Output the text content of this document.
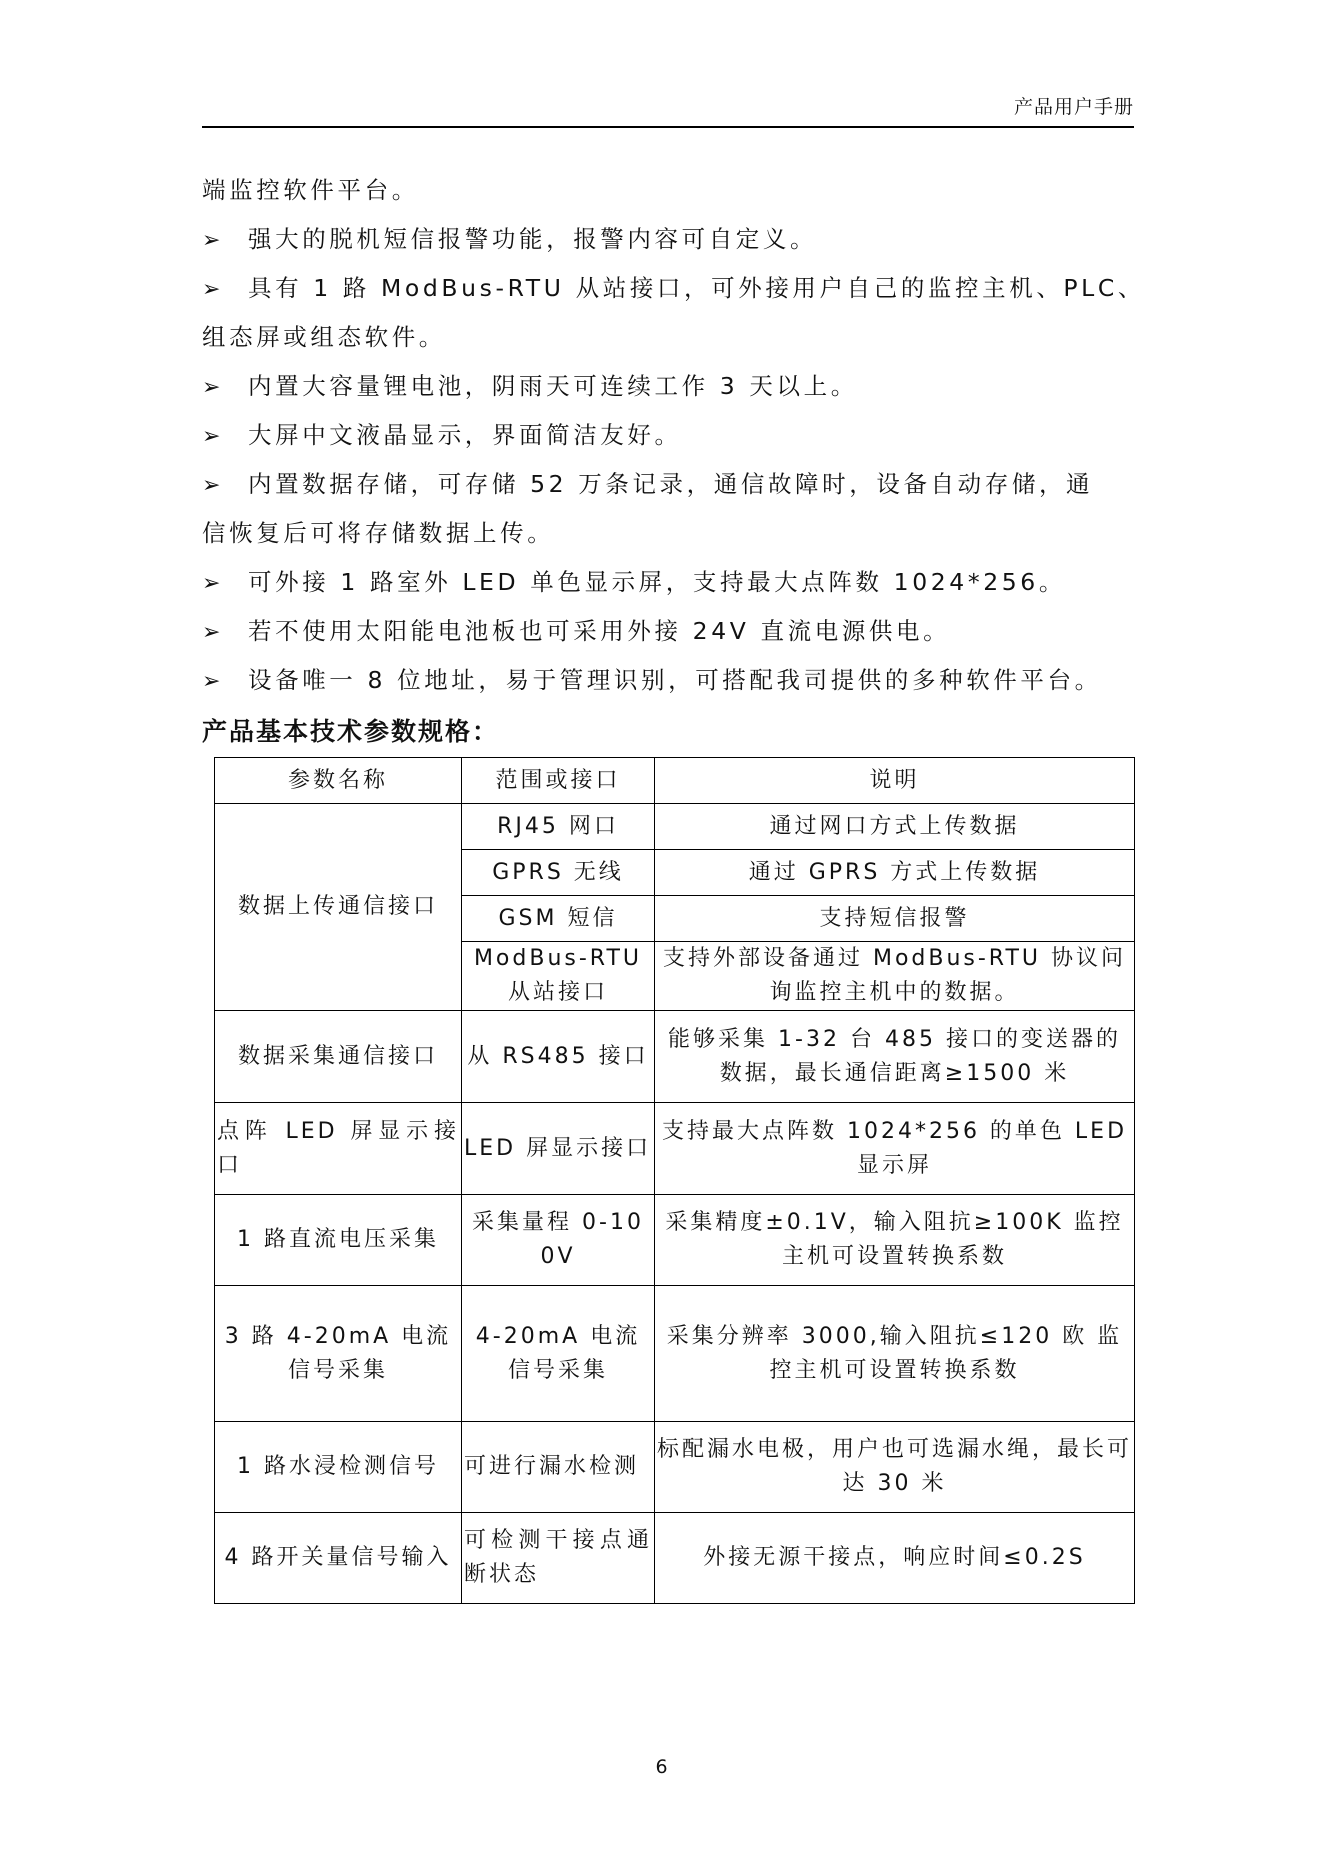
产品用户手册
端监控软件平台。
➢ 强大的脱机短信报警功能，报警内容可自定义。
➢ 具有 1 路 ModBus-RTU 从站接口，可外接用户自己的监控主机、PLC、
组态屏或组态软件。
➢ 内置大容量锂电池，阴雨天可连续工作 3 天以上。
➢ 大屏中文液晶显示，界面简洁友好。
➢ 内置数据存储，可存储 52 万条记录，通信故障时，设备自动存储，通
信恢复后可将存储数据上传。
➢ 可外接 1 路室外 LED 单色显示屏，支持最大点阵数 1024*256。
➢ 若不使用太阳能电池板也可采用外接 24V 直流电源供电。
➢ 设备唯一 8 位地址，易于管理识别，可搭配我司提供的多种软件平台。
产品基本技术参数规格：
参数名称	范围或接口	说明
数据上传通信接口	RJ45 网口	通过网口方式上传数据
	GPRS 无线	通过 GPRS 方式上传数据
	GSM 短信	支持短信报警
	ModBus-RTU 从站接口	支持外部设备通过 ModBus-RTU 协议问询监控主机中的数据。
数据采集通信接口	从 RS485 接口	能够采集 1-32 台 485 接口的变送器的数据，最长通信距离≥1500 米
点阵 LED 屏显示接口	LED 屏显示接口	支持最大点阵数 1024*256 的单色 LED 显示屏
1 路直流电压采集	采集量程 0-100V	采集精度±0.1V，输入阻抗≥100K 监控主机可设置转换系数
3 路 4-20mA 电流信号采集	4-20mA 电流信号采集	采集分辨率 3000,输入阻抗≤120 欧 监控主机可设置转换系数
1 路水浸检测信号	可进行漏水检测	标配漏水电极，用户也可选漏水绳，最长可达 30 米
4 路开关量信号输入	可检测干接点通断状态	外接无源干接点，响应时间≤0.2S
6
